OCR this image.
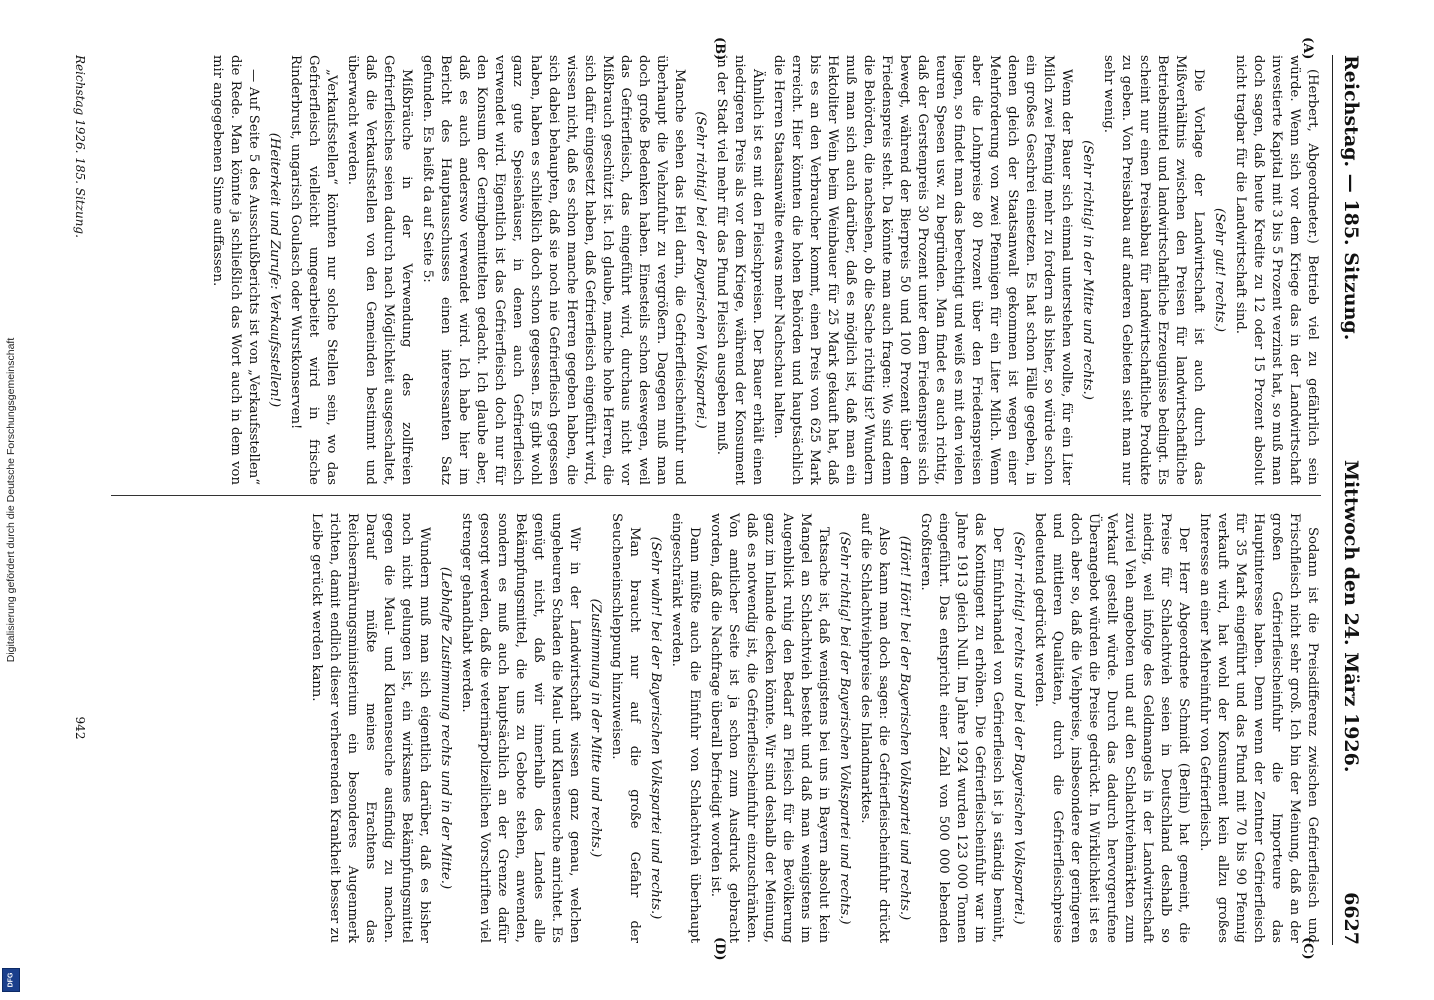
Digitalisierung gefördert durch die Deutsche Forschungsgemeinschaft
DFG
Reichstag. — 185. Sitzung.
Mittwoch den 24. März 1926.
6627
(A)
(B)
(C)
(D)

(Herbert, Abgeordneter.) Betrieb viel zu gefährlich sein würde. Wenn sich vor dem Kriege das in der Landwirtschaft investierte Kapital mit 3 bis 5 Prozent verzinst hat, so muß man doch sagen, daß heute Kredite zu 12 oder 15 Prozent absolut nicht tragbar für die Landwirtschaft sind.

(Sehr gut! rechts.)

Die Vorlage der Landwirtschaft ist auch durch das Mißverhältnis zwischen den Preisen für landwirtschaftliche Betriebsmittel und landwirtschaftliche Erzeugnisse bedingt. Es scheint nur einen Preisabbau für landwirtschaftliche Produkte zu geben. Von Preisabbau auf anderen Gebieten sieht man nur sehr wenig.

(Sehr richtig! in der Mitte und rechts.)

Wenn der Bauer sich einmal unterstehen wollte, für ein Liter Milch zwei Pfennig mehr zu fordern als bisher, so würde schon ein großes Geschrei einsetzen. Es hat schon Fälle gegeben, in denen gleich der Staatsanwalt gekommen ist wegen einer Mehrforderung von zwei Pfennigen für ein Liter Milch. Wenn aber die Lohnpreise 80 Prozent über den Friedenspreisen liegen, so findet man das berechtigt und weiß es mit den vielen teuren Spesen usw. zu begründen. Man findet es auch richtig, daß der Gerstenpreis 30 Prozent unter dem Friedenspreis sich bewegt, während der Bierpreis 50 und 100 Prozent über dem Friedenspreis steht. Da könnte man auch fragen: Wo sind denn die Behörden, die nachsehen, ob die Sache richtig ist? Wundern muß man sich auch darüber, daß es möglich ist, daß man ein Hektoliter Wein beim Weinbauer für 25 Mark gekauft hat, daß bis es an den Verbraucher kommt, einen Preis von 625 Mark erreicht. Hier könnten die hohen Behörden und hauptsächlich die Herren Staatsanwälte etwas mehr Nachschau halten.

Ähnlich ist es mit den Fleischpreisen. Der Bauer erhält einen niedrigeren Preis als vor dem Kriege, während der Konsument in der Stadt viel mehr für das Pfund Fleisch ausgeben muß.

(Sehr richtig! bei der Bayerischen Volkspartei.)

Manche sehen das Heil darin, die Gefrierfleischeinfuhr und überhaupt die Viehzufuhr zu vergrößern. Dagegen muß man doch große Bedenken haben. Einesteils schon deswegen, weil das Gefrierfleisch, das eingeführt wird, durchaus nicht vor Mißbrauch geschützt ist. Ich glaube, manche hohe Herren, die sich dafür eingesetzt haben, daß Gefrierfleisch eingeführt wird, wissen nicht, daß es schon manche Herren gegeben haben, die sich dabei behaupten, daß sie noch nie Gefrierfleisch gegessen haben, haben es schließlich doch schon gegessen. Es gibt wohl ganz gute Speisehäuser, in denen auch Gefrierfleisch verwendet wird. Eigentlich ist das Gefrierfleisch doch nur für den Konsum der Geringbemittelten gedacht. Ich glaube aber, daß es auch anderswo verwendet wird. Ich habe hier im Bericht des Hauptausschusses einen interessanten Satz gefunden. Es heißt da auf Seite 5:

Mißbräuche in der Verwendung des zollfreien Gefrierfleisches seien dadurch nach Möglichkeit ausgeschaltet, daß die Verkaufsstellen von den Gemeinden bestimmt und überwacht werden.

„Verkaufsstellen“ könnten nur solche Stellen sein, wo das Gefrierfleisch vielleicht umgearbeitet wird in frische Rinderbrust, ungarisch Goulasch oder Wurstkonserven!

(Heiterkeit und Zurufe: Verkaufsstellen!)

— Auf Seite 5 des Ausschußberichts ist von „Verkaufsstellen“ die Rede. Man könnte ja schließlich das Wort auch in dem von mir angegebenen Sinne auffassen.

Sodann ist die Preisdifferenz zwischen Gefrierfleisch und Frischfleisch nicht sehr groß. Ich bin der Meinung, daß an der großen Gefrierfleischeinfuhr die Importeure das Hauptinteresse haben. Denn wenn der Zentner Gefrierfleisch für 35 Mark eingeführt und das Pfund mit 70 bis 90 Pfennig verkauft wird, hat wohl der Konsument kein allzu großes Interesse an einer Mehreinfuhr von Gefrierfleisch.

Der Herr Abgeordnete Schmidt (Berlin) hat gemeint, die Preise für Schlachtvieh seien in Deutschland deshalb so niedrig, weil infolge des Geldmangels in der Landwirtschaft zuviel Vieh angeboten und auf den Schlachtviehmärkten zum Verkauf gestellt würde. Durch das dadurch hervorgerufene Überangebot würden die Preise gedrückt. In Wirklichkeit ist es doch aber so, daß die Viehpreise, insbesondere der geringeren und mittleren Qualitäten, durch die Gefrierfleischpreise bedeutend gedrückt werden.

(Sehr richtig! rechts und bei der Bayerischen Volkspartei.)

Der Einfuhrhandel von Gefrierfleisch ist ja ständig bemüht, das Kontingent zu erhöhen. Die Gefrierfleischeinfuhr war im Jahre 1913 gleich Null. Im Jahre 1924 wurden 123 000 Tonnen eingeführt. Das entspricht einer Zahl von 500 000 lebenden Großtieren.

(Hört! Hört! bei der Bayerischen Volkspartei und rechts.)

Also kann man doch sagen: die Gefrierfleischeinfuhr drückt auf die Schlachtviehpreise des Inlandmarktes.

(Sehr richtig! bei der Bayerischen Volkspartei und rechts.)

Tatsache ist, daß wenigstens bei uns in Bayern absolut kein Mangel an Schlachtvieh besteht und daß man wenigstens im Augenblick ruhig den Bedarf an Fleisch für die Bevölkerung ganz im Inlande decken könnte. Wir sind deshalb der Meinung, daß es notwendig ist, die Gefrierfleischeinfuhr einzuschränken. Von amtlicher Seite ist ja schon zum Ausdruck gebracht worden, daß die Nachfrage überall befriedigt worden ist.

Dann müßte auch die Einfuhr von Schlachtvieh überhaupt eingeschränkt werden.

(Sehr wahr! bei der Bayerischen Volkspartei und rechts.)

Man braucht nur auf die große Gefahr der Seucheneinschleppung hinzuweisen.

(Zustimmung in der Mitte und rechts.)

Wir in der Landwirtschaft wissen ganz genau, welchen ungeheuren Schaden die Maul- und Klauenseuche anrichtet. Es genügt nicht, daß wir innerhalb des Landes alle Bekämpfungsmittel, die uns zu Gebote stehen, anwenden, sondern es muß auch hauptsächlich an der Grenze dafür gesorgt werden, daß die veterinärpolizeilichen Vorschriften viel strenger gehandhabt werden.

(Lebhafte Zustimmung rechts und in der Mitte.)

Wundern muß man sich eigentlich darüber, daß es bisher noch nicht gelungen ist, ein wirksames Bekämpfungsmittel gegen die Maul- und Klauenseuche ausfindig zu machen. Darauf müßte meines Erachtens das Reichsernährungsministerium ein besonderes Augenmerk richten, damit endlich dieser verheerenden Krankheit besser zu Leibe gerückt werden kann.

Reichstag 1926. 185. Sitzung.
942
